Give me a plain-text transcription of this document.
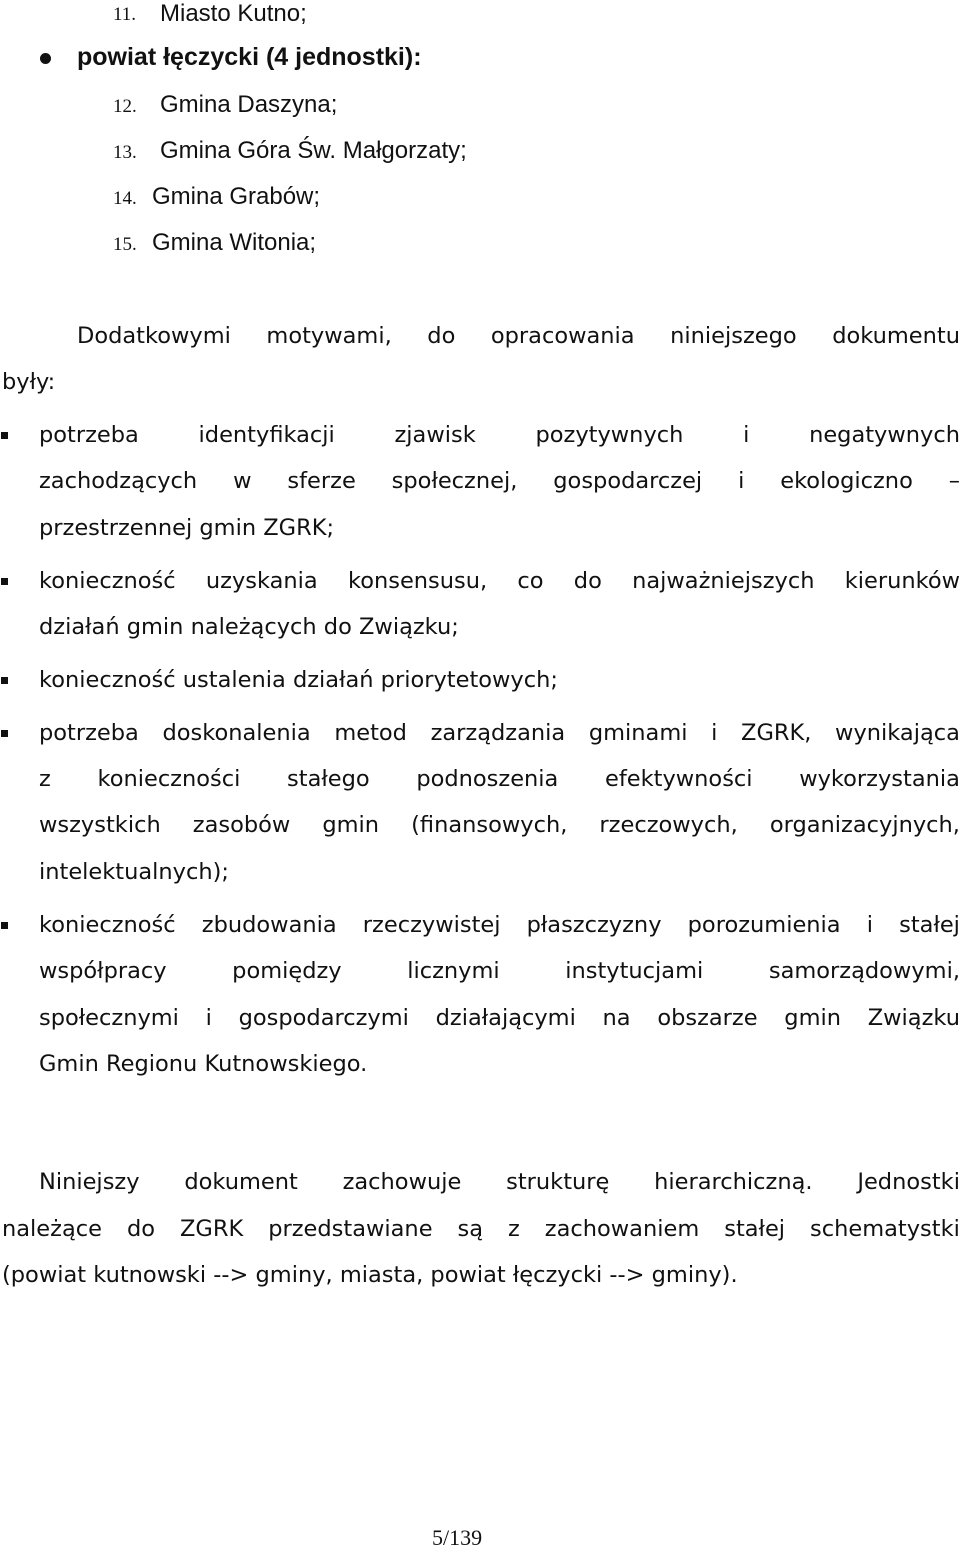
11. Miasto Kutno;
powiat łęczycki (4 jednostki):
12. Gmina Daszyna;
13. Gmina Góra Św. Małgorzaty;
14. Gmina Grabów;
15. Gmina Witonia;
Dodatkowymi motywami, do opracowania niniejszego dokumentu
były:
potrzeba	identyfikacji	zjawisk	pozytywnych	i	negatywnych
zachodzących w sferze społecznej, gospodarczej i ekologiczno –
przestrzennej gmin ZGRK;
konieczność uzyskania konsensusu, co do najważniejszych kierunków
działań gmin należących do Związku;
konieczność ustalenia działań priorytetowych;
potrzeba doskonalenia metod zarządzania gminami i ZGRK, wynikająca
z konieczności stałego podnoszenia efektywności wykorzystania
wszystkich zasobów gmin (finansowych, rzeczowych, organizacyjnych,
intelektualnych);
konieczność zbudowania rzeczywistej płaszczyzny porozumienia i stałej
współpracy	pomiędzy	licznymi	instytucjami	samorządowymi,
społecznymi i gospodarczymi działającymi na obszarze gmin Związku
Gmin Regionu Kutnowskiego.
Niniejszy dokument zachowuje strukturę hierarchiczną. Jednostki
należące do ZGRK przedstawiane są z zachowaniem stałej schematystki
(powiat kutnowski --> gminy, miasta, powiat łęczycki --> gminy).
5/139
